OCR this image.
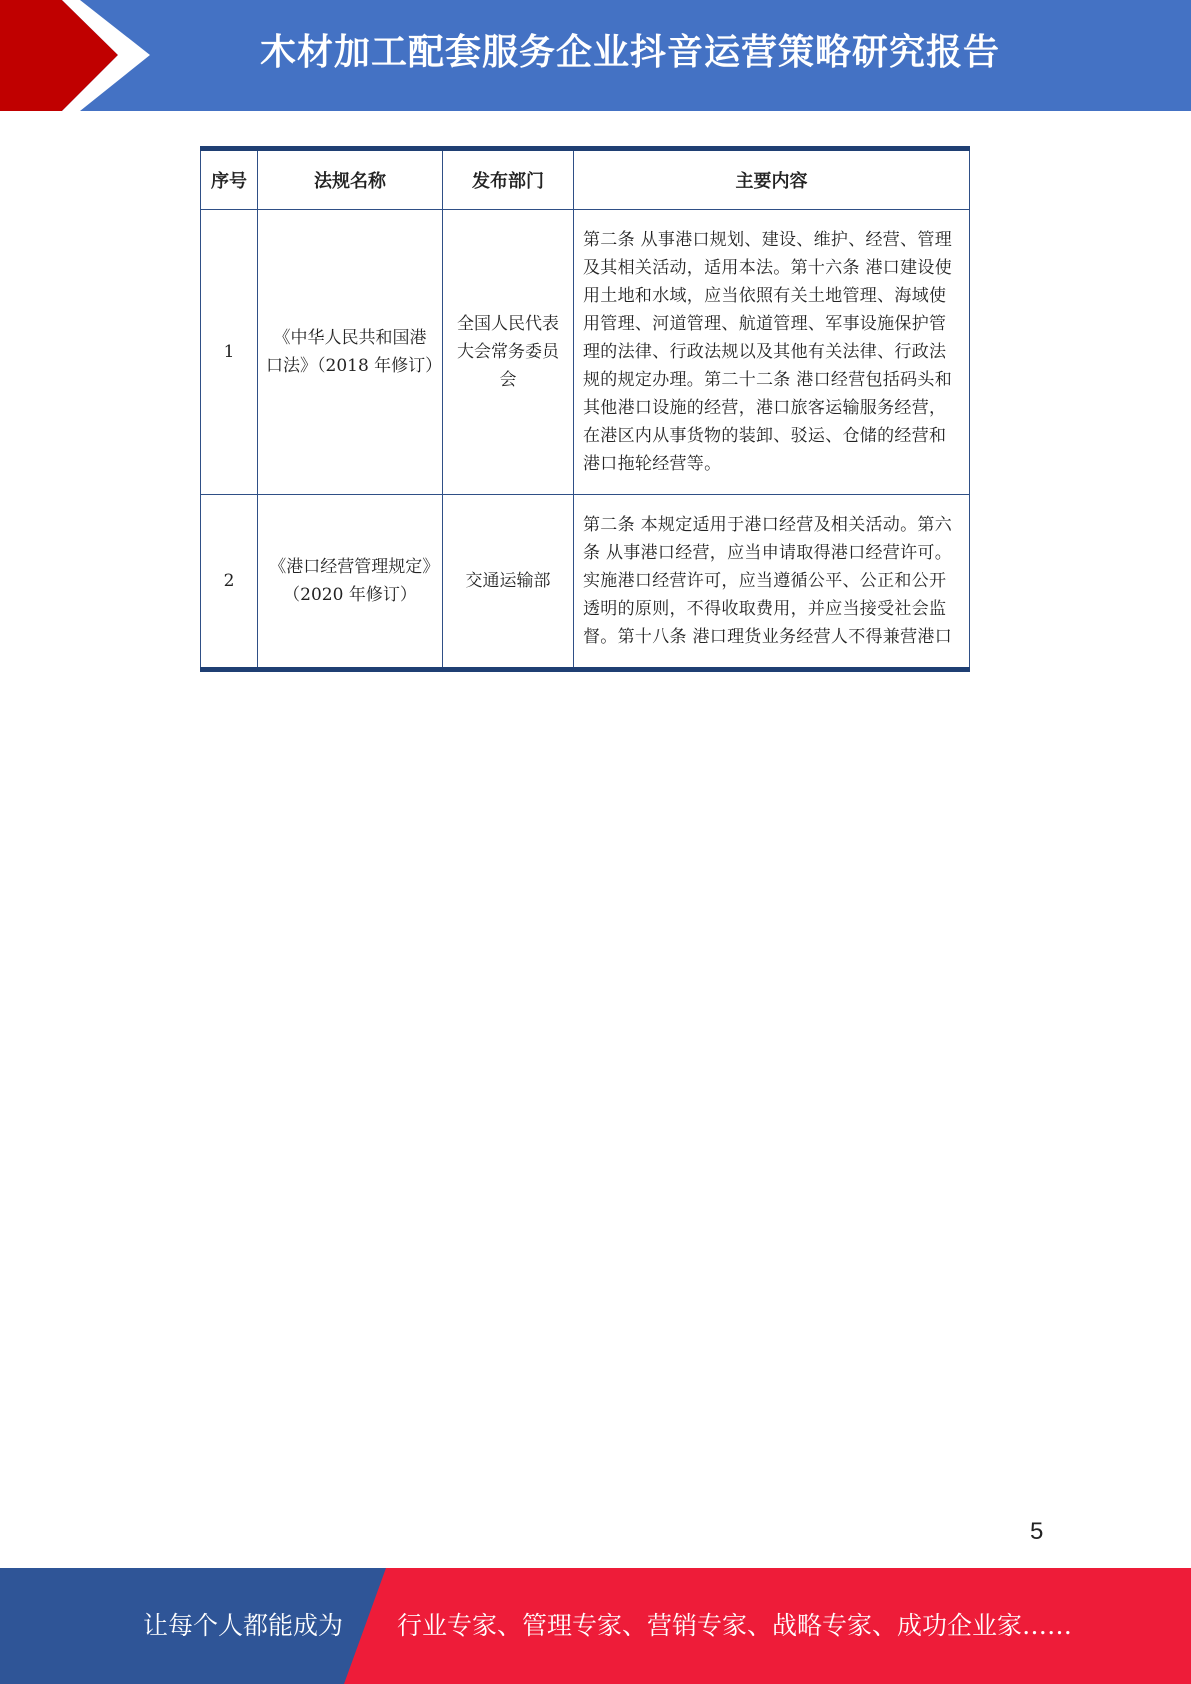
木材加工配套服务企业抖音运营策略研究报告
序号	法规名称	发布部门	主要内容
1	《中华人民共和国港口法》（2018 年修订）	全国人民代表大会常务委员会	第二条 从事港口规划、建设、维护、经营、管理及其相关活动，适用本法。第十六条 港口建设使用土地和水域，应当依照有关土地管理、海域使用管理、河道管理、航道管理、军事设施保护管理的法律、行政法规以及其他有关法律、行政法规的规定办理。第二十二条 港口经营包括码头和其他港口设施的经营，港口旅客运输服务经营，在港区内从事货物的装卸、驳运、仓储的经营和港口拖轮经营等。

2	《港口经营管理规定》（2020 年修订）	交通运输部	第二条 本规定适用于港口经营及相关活动。第六条 从事港口经营，应当申请取得港口经营许可。 实施港口经营许可，应当遵循公平、公正和公开透明的原则，不得收取费用，并应当接受社会监督。第十八条 港口理货业务经营人不得兼营港口
5
让每个人都能成为 行业专家、管理专家、营销专家、战略专家、成功企业家……
